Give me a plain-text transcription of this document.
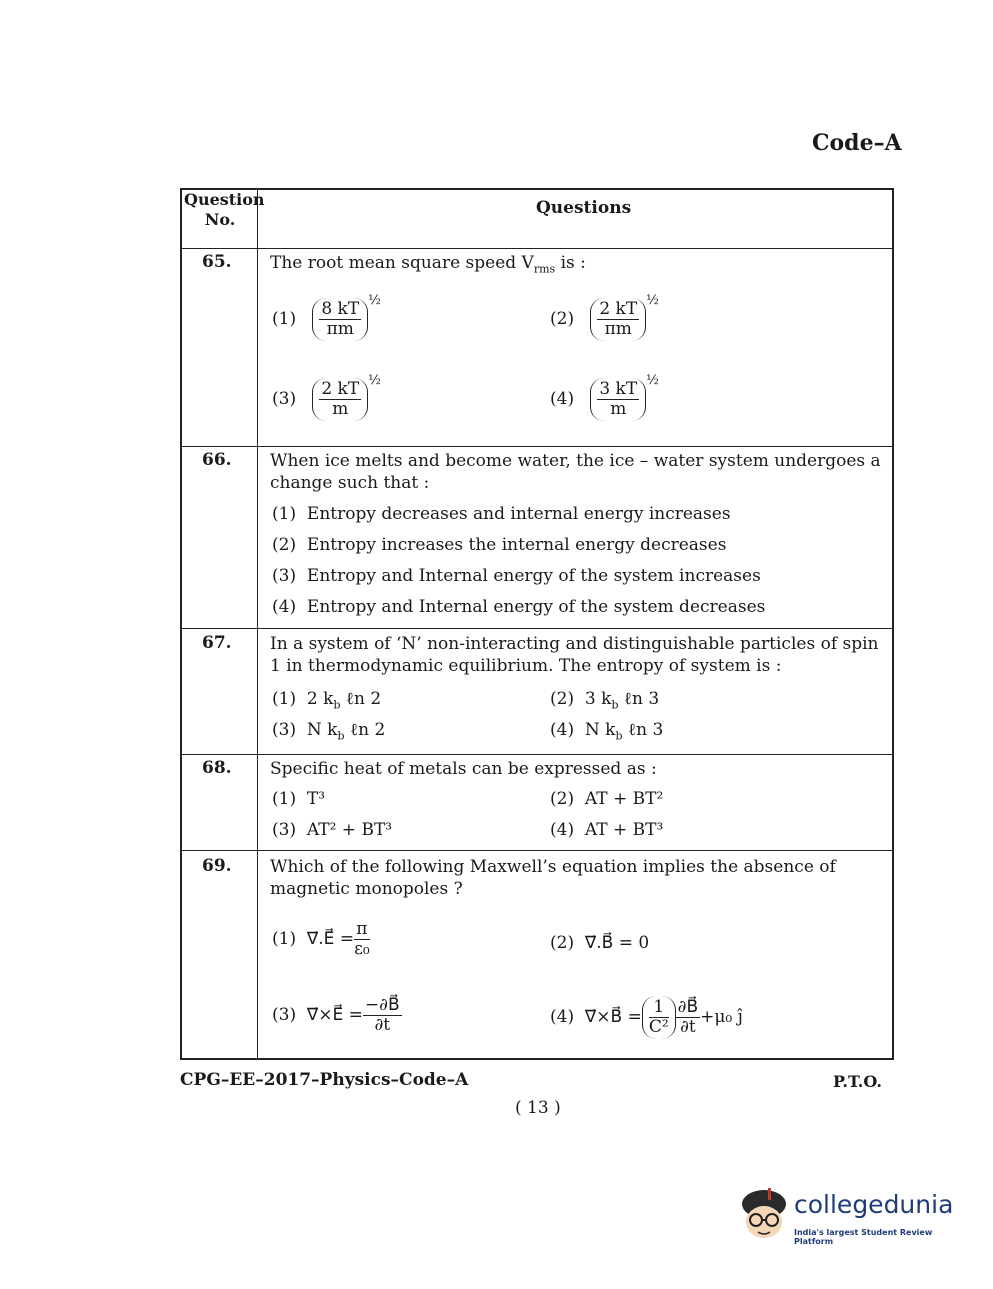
Code–A
Question No.
Questions
65. The root mean square speed $V_{rms}$ is :
$(1) \frac{8 kT}{\pi m} ^{\frac{1}{2}}$
$(2) \frac{2 kT}{\pi m} ^{\frac{1}{2}}$
$(3) \frac{2 kT}{m} ^{\frac{1}{2}}$
$(4) \frac{3 kT}{m} ^{\frac{1}{2}}$
66. When ice melts and become water, the ice – water system undergoes a change such that :
(1) Entropy decreases and internal energy increases
(2) Entropy increases the internal energy decreases
(3) Entropy and Internal energy of the system increases
(4) Entropy and Internal energy of the system decreases
67. In a system of ‘N’ non-interacting and distinguishable particles of spin 1 in thermodynamic equilibrium. The entropy of system is :
(1) 2 $k_b$ ℓn 2	(2) 3 $k_b$ ℓn 3
(3) N $k_b$ ℓn 2	(4) N $k_b$ ℓn 3
68. Specific heat of metals can be expressed as :
(1) T³	(2) AT + BT²
(3) AT² + BT³	(4) AT + BT³
69. Which of the following Maxwell’s equation implies the absence of magnetic monopoles ?
(1) ∇⃗.E⃗ = $\frac{\pi}{\text{ε₀}}$	(2) ∇⃗.B⃗ = 0
(3) ∇⃗×E⃗ = $\frac{-\partial B⃗}{\partial t}$	(4) ∇⃗×B⃗ = $\frac{1}{\text{C²}} \frac{\partial B⃗}{\partial t} +\mu_0$ ĵ
CPG–EE–2017–Physics–Code–A	P.T.O.
( 13 )
collegedunia
India's largest Student Review Platform
